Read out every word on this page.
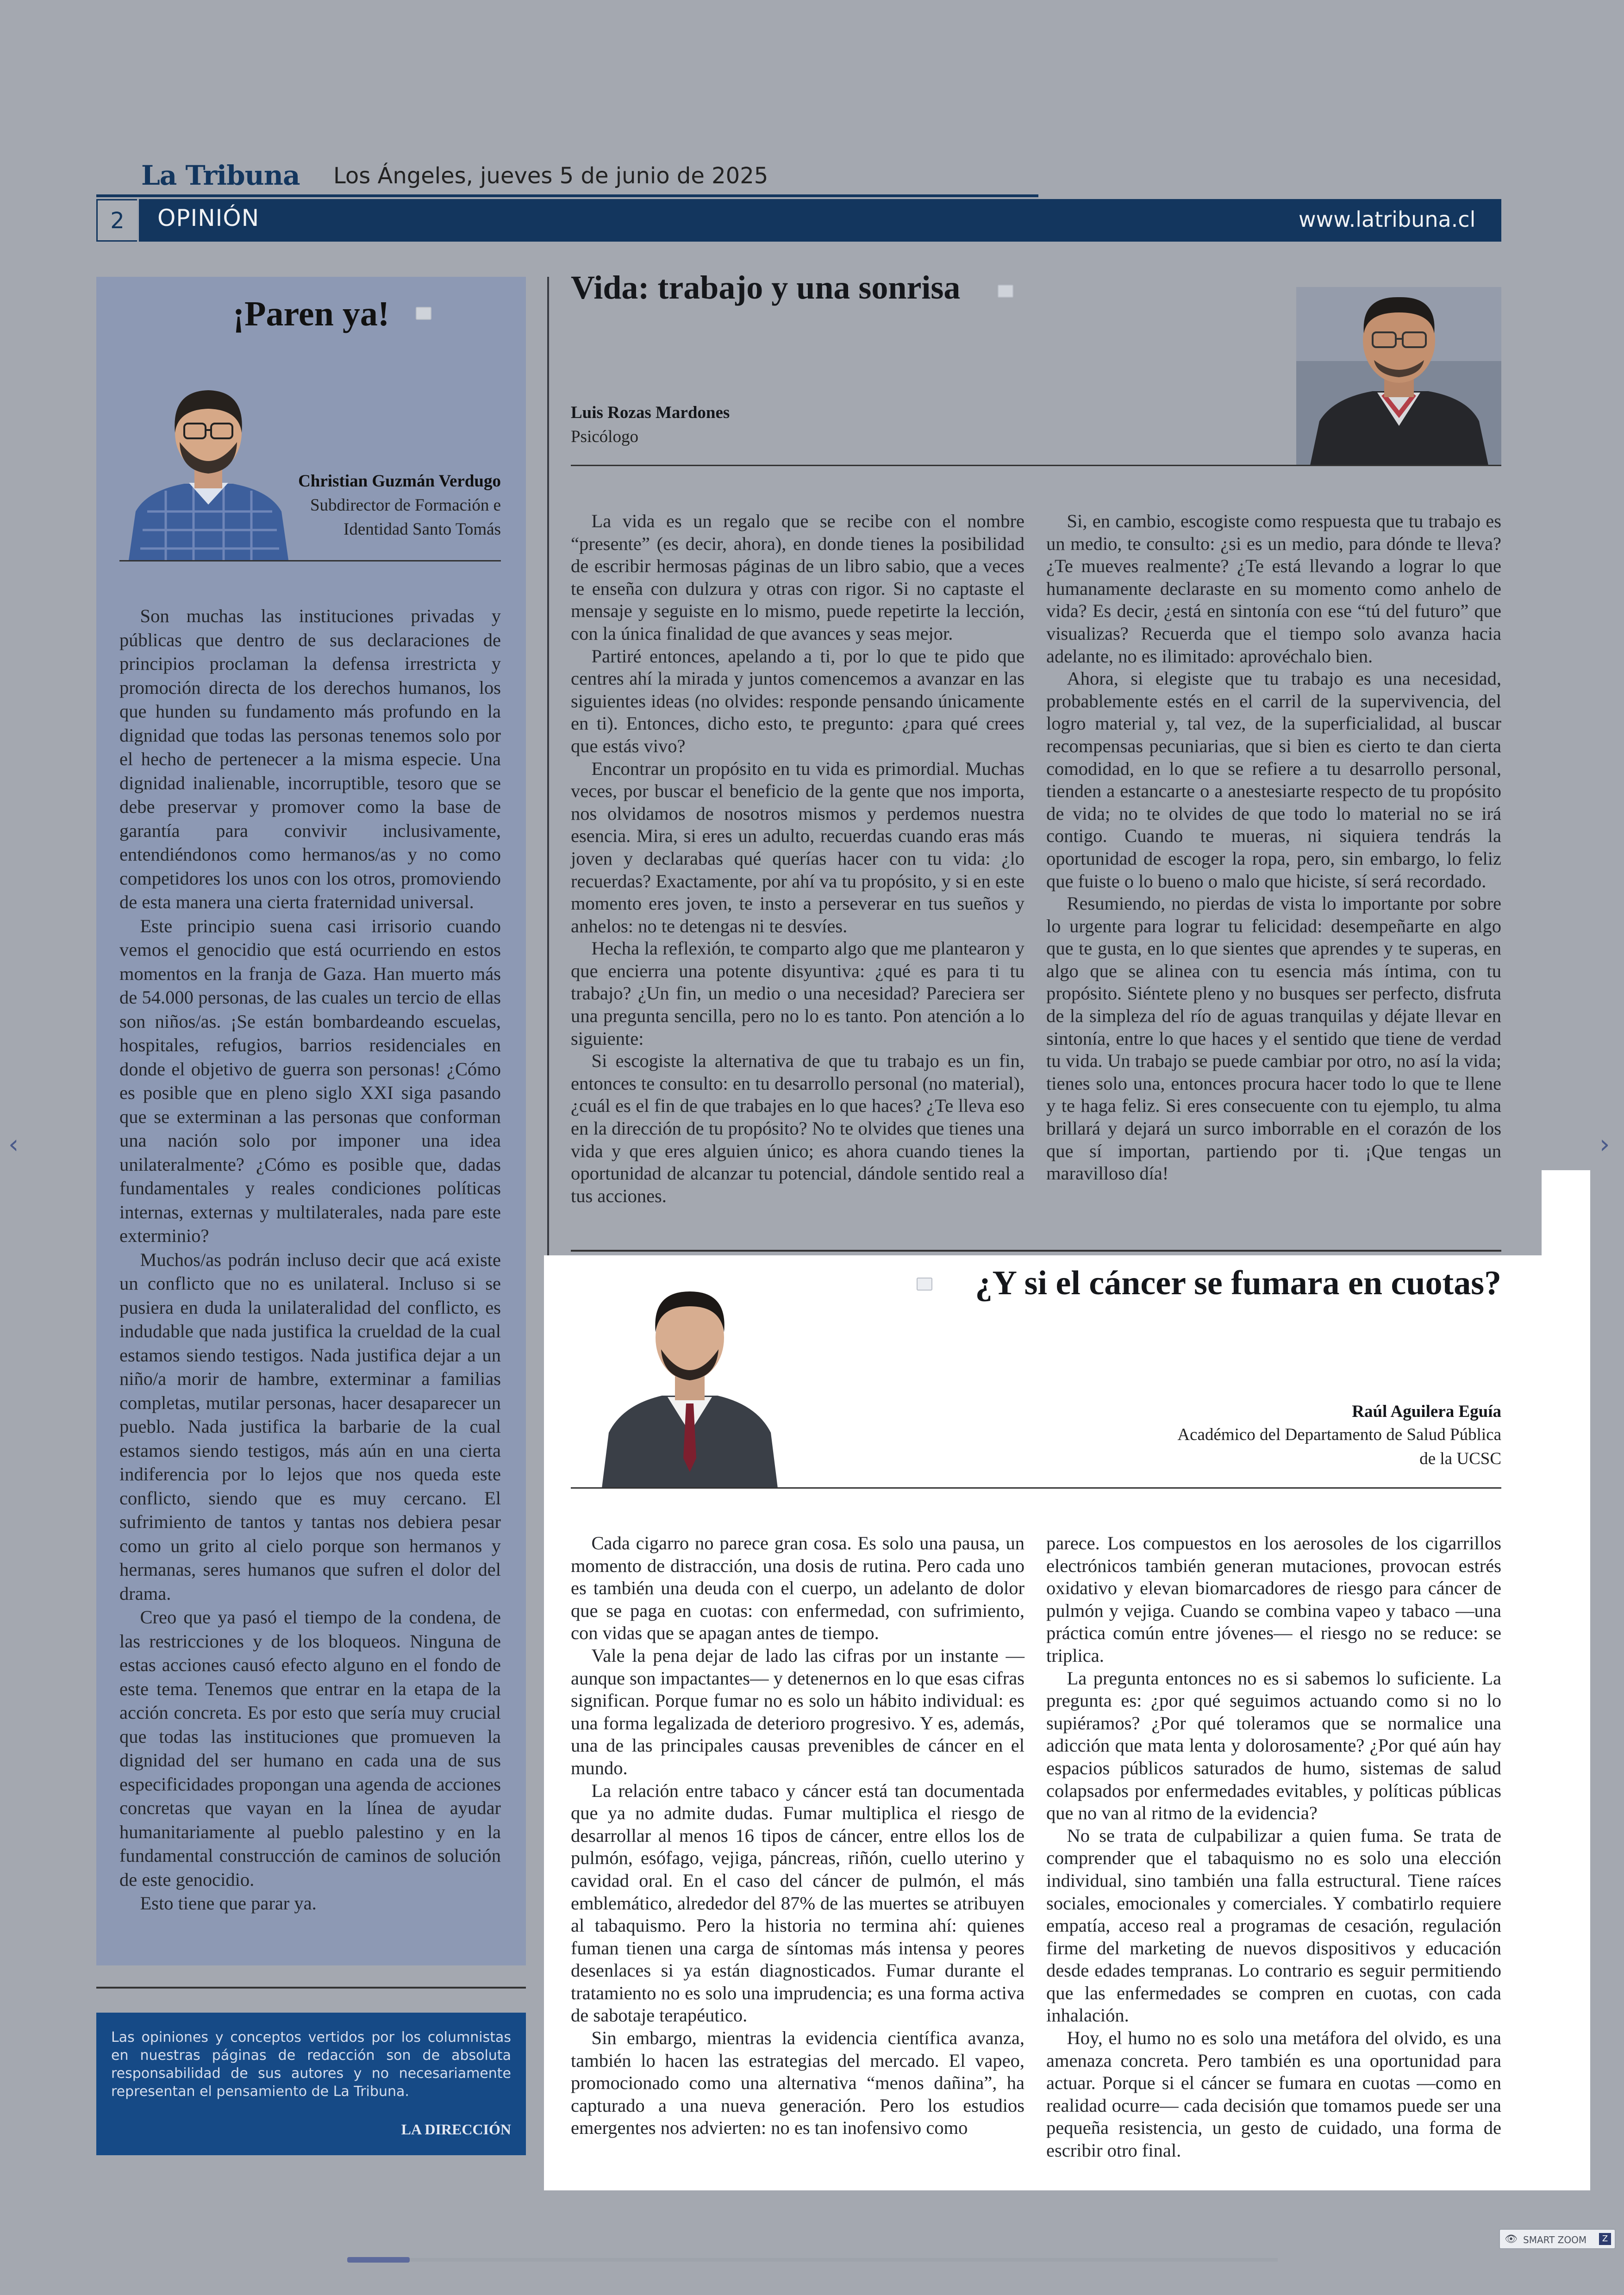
La Tribuna Los Ángeles, jueves 5 de junio de 2025
2	OPINIÓN	www.latribuna.cl
¡Paren ya!
Christian Guzmán Verdugo
Subdirector de Formación e
Identidad Santo Tomás

Son muchas las instituciones privadas y públicas que dentro de sus declaraciones de principios proclaman la defensa irrestricta y promoción directa de los derechos humanos, los que hunden su fundamento más profundo en la dignidad que todas las personas tenemos solo por el hecho de pertenecer a la misma especie. Una dignidad inalienable, incorruptible, tesoro que se debe preservar y promover como la base de garantía para convivir inclusivamente, entendiéndonos como hermanos/as y no como competidores los unos con los otros, promoviendo de esta manera una cierta fraternidad universal.

Este principio suena casi irrisorio cuando vemos el genocidio que está ocurriendo en estos momentos en la franja de Gaza. Han muerto más de 54.000 personas, de las cuales un tercio de ellas son niños/as. ¡Se están bombardeando escuelas, hospitales, refugios, barrios residenciales en donde el objetivo de guerra son personas! ¿Cómo es posible que en pleno siglo XXI siga pasando que se exterminan a las personas que conforman una nación solo por imponer una idea unilateralmente? ¿Cómo es posible que, dadas fundamentales y reales condiciones políticas internas, externas y multilaterales, nada pare este exterminio?

Muchos/as podrán incluso decir que acá existe un conflicto que no es unilateral. Incluso si se pusiera en duda la unilateralidad del conflicto, es indudable que nada justifica la crueldad de la cual estamos siendo testigos. Nada justifica dejar a un niño/a morir de hambre, exterminar a familias completas, mutilar personas, hacer desaparecer un pueblo. Nada justifica la barbarie de la cual estamos siendo testigos, más aún en una cierta indiferencia por lo lejos que nos queda este conflicto, siendo que es muy cercano. El sufrimiento de tantos y tantas nos debiera pesar como un grito al cielo porque son hermanos y hermanas, seres humanos que sufren el dolor del drama.

Creo que ya pasó el tiempo de la condena, de las restricciones y de los bloqueos. Ninguna de estas acciones causó efecto alguno en el fondo de este tema. Tenemos que entrar en la etapa de la acción concreta. Es por esto que sería muy crucial que todas las instituciones que promueven la dignidad del ser humano en cada una de sus especificidades propongan una agenda de acciones concretas que vayan en la línea de ayudar humanitariamente al pueblo palestino y en la fundamental construcción de caminos de solución de este genocidio.

Esto tiene que parar ya.

Las opiniones y conceptos vertidos por los columnistas en nuestras páginas de redacción son de absoluta responsabilidad de sus autores y no necesariamente representan el pensamiento de La Tribuna.
LA DIRECCIÓN
Vida: trabajo y una sonrisa
Luis Rozas Mardones
Psicólogo

La vida es un regalo que se recibe con el nombre “presente” (es decir, ahora), en donde tienes la posibilidad de escribir hermosas páginas de un libro sabio, que a veces te enseña con dulzura y otras con rigor. Si no captaste el mensaje y seguiste en lo mismo, puede repetirte la lección, con la única finalidad de que avances y seas mejor.

Partiré entonces, apelando a ti, por lo que te pido que centres ahí la mirada y juntos comencemos a avanzar en las siguientes ideas (no olvides: responde pensando únicamente en ti). Entonces, dicho esto, te pregunto: ¿para qué crees que estás vivo?

Encontrar un propósito en tu vida es primordial. Muchas veces, por buscar el beneficio de la gente que nos importa, nos olvidamos de nosotros mismos y perdemos nuestra esencia. Mira, si eres un adulto, recuerdas cuando eras más joven y declarabas qué querías hacer con tu vida: ¿lo recuerdas? Exactamente, por ahí va tu propósito, y si en este momento eres joven, te insto a perseverar en tus sueños y anhelos: no te detengas ni te desvíes.

Hecha la reflexión, te comparto algo que me plantearon y que encierra una potente disyuntiva: ¿qué es para ti tu trabajo? ¿Un fin, un medio o una necesidad? Pareciera ser una pregunta sencilla, pero no lo es tanto. Pon atención a lo siguiente:

Si escogiste la alternativa de que tu trabajo es un fin, entonces te consulto: en tu desarrollo personal (no material), ¿cuál es el fin de que trabajes en lo que haces? ¿Te lleva eso en la dirección de tu propósito? No te olvides que tienes una vida y que eres alguien único; es ahora cuando tienes la oportunidad de alcanzar tu potencial, dándole sentido real a tus acciones.

Si, en cambio, escogiste como respuesta que tu trabajo es un medio, te consulto: ¿si es un medio, para dónde te lleva? ¿Te mueves realmente? ¿Te está llevando a lograr lo que humanamente declaraste en su momento como anhelo de vida? Es decir, ¿está en sintonía con ese “tú del futuro” que visualizas? Recuerda que el tiempo solo avanza hacia adelante, no es ilimitado: aprovéchalo bien.

Ahora, si elegiste que tu trabajo es una necesidad, probablemente estés en el carril de la supervivencia, del logro material y, tal vez, de la superficialidad, al buscar recompensas pecuniarias, que si bien es cierto te dan cierta comodidad, en lo que se refiere a tu desarrollo personal, tienden a estancarte o a anestesiarte respecto de tu propósito de vida; no te olvides de que todo lo material no se irá contigo. Cuando te mueras, ni siquiera tendrás la oportunidad de escoger la ropa, pero, sin embargo, lo feliz que fuiste o lo bueno o malo que hiciste, sí será recordado.

Resumiendo, no pierdas de vista lo importante por sobre lo urgente para lograr tu felicidad: desempeñarte en algo que te gusta, en lo que sientes que aprendes y te superas, en algo que se alinea con tu esencia más íntima, con tu propósito. Siéntete pleno y no busques ser perfecto, disfruta de la simpleza del río de aguas tranquilas y déjate llevar en sintonía, entre lo que haces y el sentido que tiene de verdad tu vida. Un trabajo se puede cambiar por otro, no así la vida; tienes solo una, entonces procura hacer todo lo que te llene y te haga feliz. Si eres consecuente con tu ejemplo, tu alma brillará y dejará un surco imborrable en el corazón de los que sí importan, partiendo por ti. ¡Que tengas un maravilloso día!

¿Y si el cáncer se fumara en cuotas?
Raúl Aguilera Eguía
Académico del Departamento de Salud Pública
de la UCSC

Cada cigarro no parece gran cosa. Es solo una pausa, un momento de distracción, una dosis de rutina. Pero cada uno es también una deuda con el cuerpo, un adelanto de dolor que se paga en cuotas: con enfermedad, con sufrimiento, con vidas que se apagan antes de tiempo.

Vale la pena dejar de lado las cifras por un instante —aunque son impactantes— y detenernos en lo que esas cifras significan. Porque fumar no es solo un hábito individual: es una forma legalizada de deterioro progresivo. Y es, además, una de las principales causas prevenibles de cáncer en el mundo.

La relación entre tabaco y cáncer está tan documentada que ya no admite dudas. Fumar multiplica el riesgo de desarrollar al menos 16 tipos de cáncer, entre ellos los de pulmón, esófago, vejiga, páncreas, riñón, cuello uterino y cavidad oral. En el caso del cáncer de pulmón, el más emblemático, alrededor del 87% de las muertes se atribuyen al tabaquismo. Pero la historia no termina ahí: quienes fuman tienen una carga de síntomas más intensa y peores desenlaces si ya están diagnosticados. Fumar durante el tratamiento no es solo una imprudencia; es una forma activa de sabotaje terapéutico.

Sin embargo, mientras la evidencia científica avanza, también lo hacen las estrategias del mercado. El vapeo, promocionado como una alternativa “menos dañina”, ha capturado a una nueva generación. Pero los estudios emergentes nos advierten: no es tan inofensivo como

parece. Los compuestos en los aerosoles de los cigarrillos electrónicos también generan mutaciones, provocan estrés oxidativo y elevan biomarcadores de riesgo para cáncer de pulmón y vejiga. Cuando se combina vapeo y tabaco —una práctica común entre jóvenes— el riesgo no se reduce: se triplica.

La pregunta entonces no es si sabemos lo suficiente. La pregunta es: ¿por qué seguimos actuando como si no lo supiéramos? ¿Por qué toleramos que se normalice una adicción que mata lenta y dolorosamente? ¿Por qué aún hay espacios públicos saturados de humo, sistemas de salud colapsados por enfermedades evitables, y políticas públicas que no van al ritmo de la evidencia?

No se trata de culpabilizar a quien fuma. Se trata de comprender que el tabaquismo no es solo una elección individual, sino también una falla estructural. Tiene raíces sociales, emocionales y comerciales. Y combatirlo requiere empatía, acceso real a programas de cesación, regulación firme del marketing de nuevos dispositivos y educación desde edades tempranas. Lo contrario es seguir permitiendo que las enfermedades se compren en cuotas, con cada inhalación.

Hoy, el humo no es solo una metáfora del olvido, es una amenaza concreta. Pero también es una oportunidad para actuar. Porque si el cáncer se fumara en cuotas —como en realidad ocurre— cada decisión que tomamos puede ser una pequeña resistencia, un gesto de cuidado, una forma de escribir otro final.

‹	›
👁 SMART ZOOM	Z
